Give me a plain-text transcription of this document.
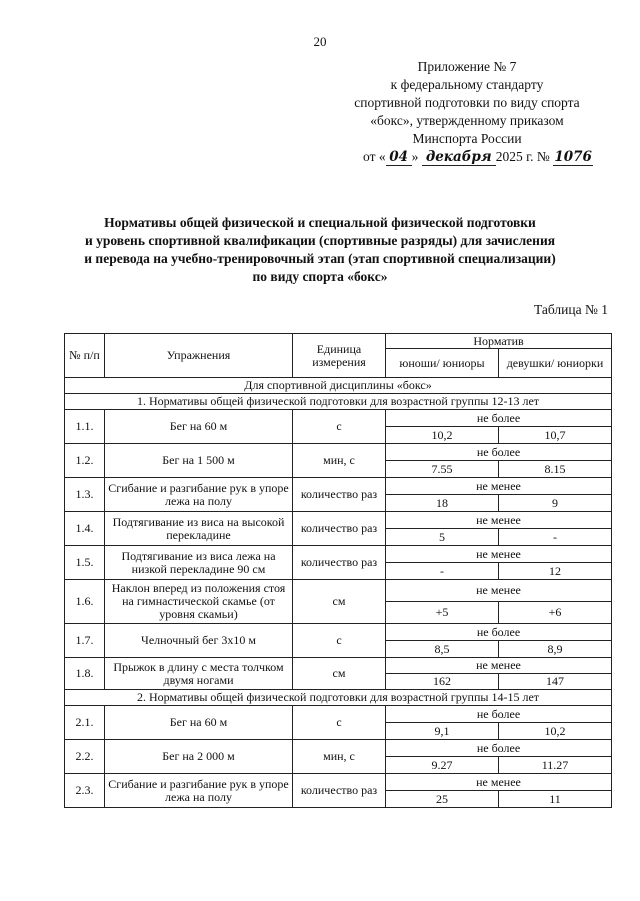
20
Приложение № 7
к федеральному стандарту
спортивной подготовки по виду спорта
«бокс», утвержденному приказом
Минспорта России
от « 04 » декабря 2025 г. № 1076
Нормативы общей физической и специальной физической подготовки
и уровень спортивной квалификации (спортивные разряды) для зачисления
и перевода на учебно-тренировочный этап (этап спортивной специализации)
по виду спорта «бокс»
Таблица № 1
№ п/п	Упражнения	Единица измерения	Норматив	
			юноши/ юниоры	девушки/ юниорки
Для спортивной дисциплины «бокс»				
1. Нормативы общей физической подготовки для возрастной группы 12-13 лет				
1.1.	Бег на 60 м	с	не более	
			10,2	10,7
1.2.	Бег на 1 500 м	мин, с	не более	
			7.55	8.15
1.3.	Сгибание и разгибание рук в упоре лежа на полу	количество раз	не менее	
			18	9
1.4.	Подтягивание из виса на высокой перекладине	количество раз	не менее	
			5	-
1.5.	Подтягивание из виса лежа на низкой перекладине 90 см	количество раз	не менее	
			-	12
1.6.	Наклон вперед из положения стоя на гимнастической скамье (от уровня скамьи)	см	не менее	
			+5	+6
1.7.	Челночный бег 3х10 м	с	не более	
			8,5	8,9
1.8.	Прыжок в длину с места толчком двумя ногами	см	не менее	
			162	147
2. Нормативы общей физической подготовки для возрастной группы 14-15 лет				
2.1.	Бег на 60 м	с	не более	
			9,1	10,2
2.2.	Бег на 2 000 м	мин, с	не более	
			9.27	11.27
2.3.	Сгибание и разгибание рук в упоре лежа на полу	количество раз	не менее	
			25	11
